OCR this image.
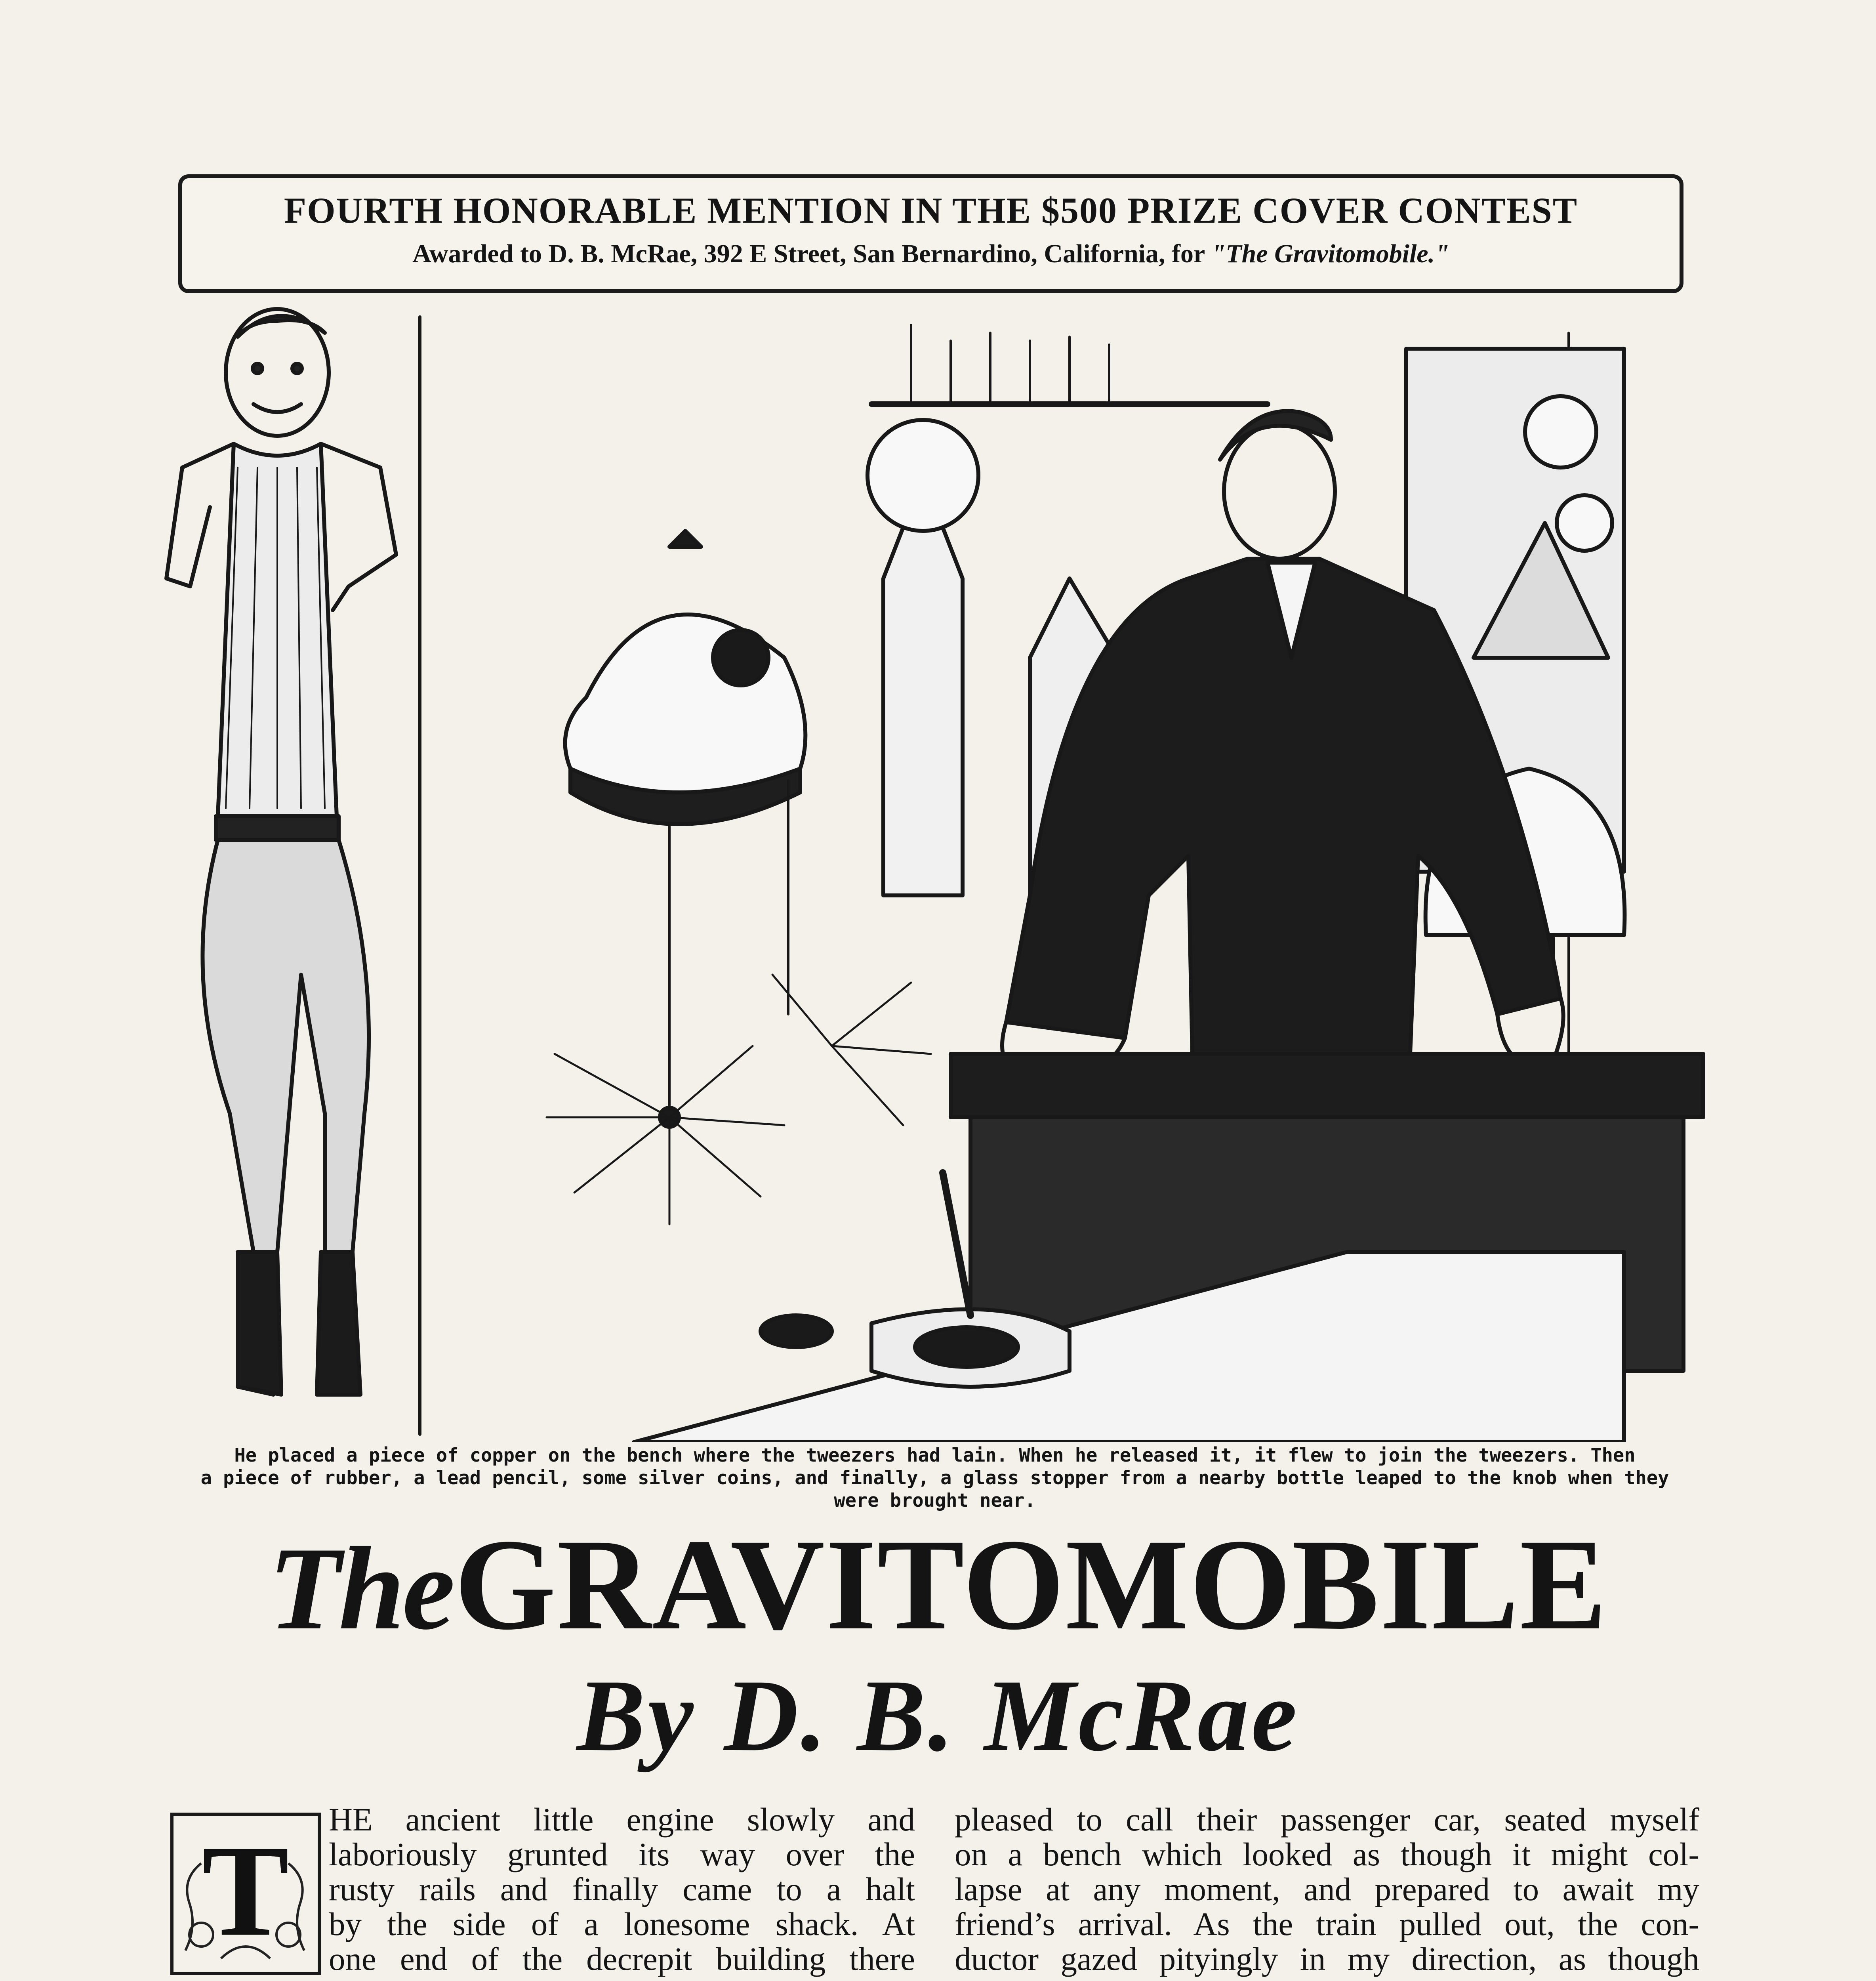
FOURTH HONORABLE MENTION IN THE $500 PRIZE COVER CONTEST
Awarded to D. B. McRae, 392 E Street, San Bernardino, California, for "The Gravitomobile."
He placed a piece of copper on the bench where the tweezers had lain. When he released it, it flew to join the tweezers. Then
a piece of rubber, a lead pencil, some silver coins, and finally, a glass stopper from a nearby bottle leaped to the knob when they
were brought near.
TheGRAVITOMOBILE
By D. B. McRae
T	HE ancient little engine slowly and
laboriously grunted its way over the
rusty rails and finally came to a halt
by the side of a lonesome shack. At
one end of the decrepit building there
pleased to call their passenger car, seated myself
on a bench which looked as though it might col-
lapse at any moment, and prepared to await my
friend’s arrival. As the train pulled out, the con-
ductor gazed pityingly in my direction, as though
